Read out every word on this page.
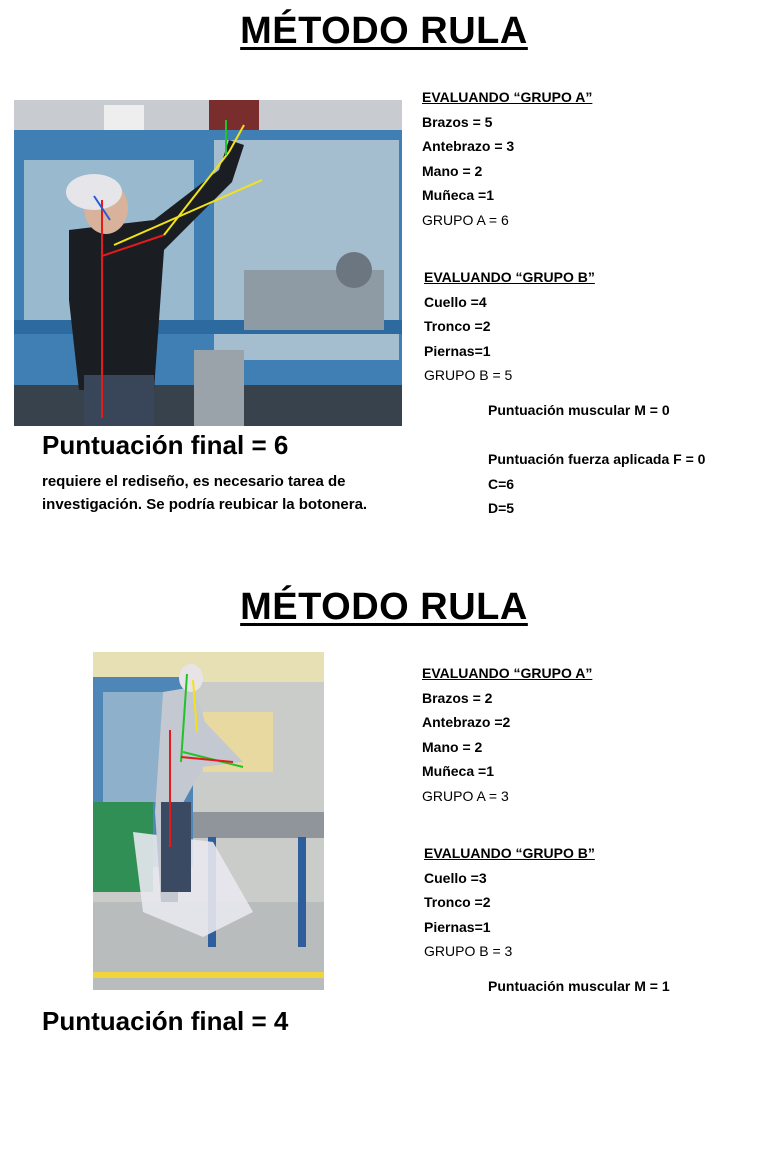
MÉTODO RULA
EVALUANDO “GRUPO A”
Brazos = 5
Antebrazo = 3
Mano = 2
Muñeca =1
GRUPO A = 6
EVALUANDO “GRUPO B”
Cuello =4
Tronco =2
Piernas=1
GRUPO B = 5
Puntuación muscular M = 0
Puntuación fuerza aplicada F = 0
C=6
D=5
Puntuación final = 6
requiere el rediseño, es necesario tarea de investigación. Se podría reubicar la botonera.
MÉTODO RULA
EVALUANDO “GRUPO A”
Brazos = 2
Antebrazo =2
Mano = 2
Muñeca =1
GRUPO A = 3
EVALUANDO “GRUPO B”
Cuello =3
Tronco =2
Piernas=1
GRUPO B = 3
Puntuación muscular M = 1
Puntuación final = 4
